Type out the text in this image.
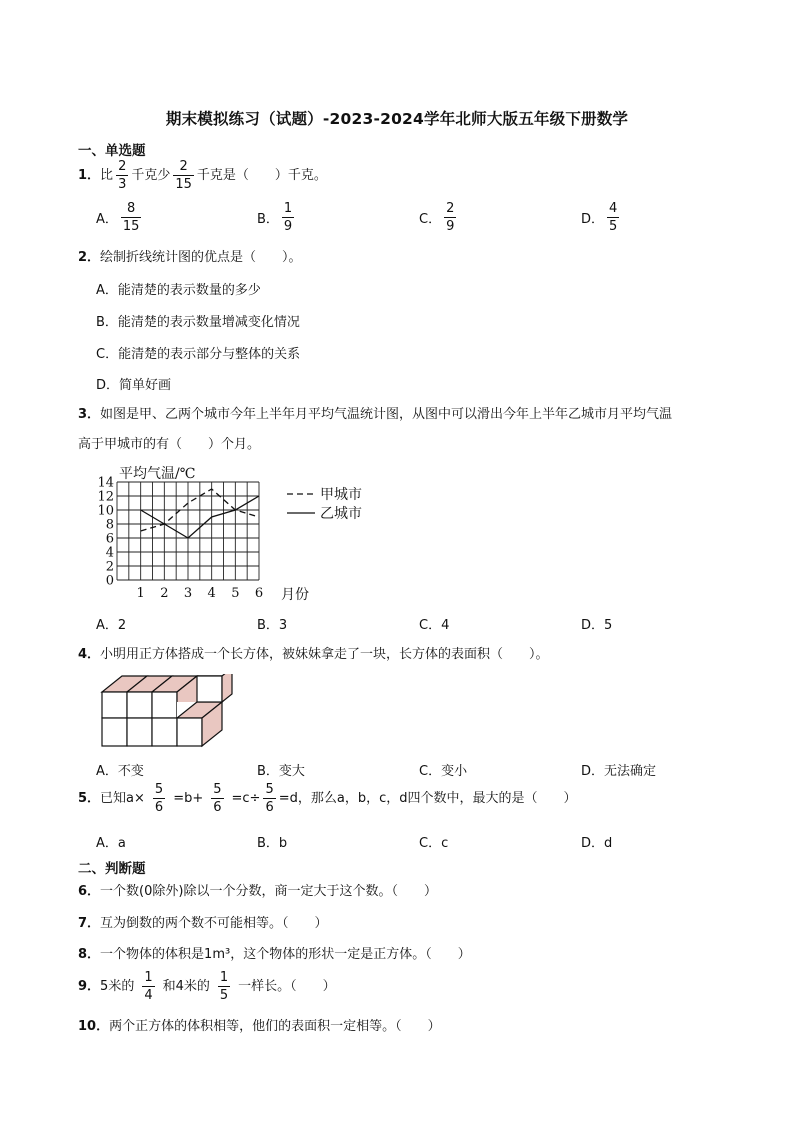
期末模拟练习（试题）-2023-2024学年北师大版五年级下册数学
一、单选题
1． 比 $\frac{2}{3}$ 千克少 $\frac{2}{15}$ 千克是（　　）千克。
A． $\frac{8}{15}$	B． $\frac{1}{9}$	C． $\frac{2}{9}$	D． $\frac{4}{5}$
2．绘制折线统计图的优点是（　　）。
A．能清楚的表示数量的多少
B．能清楚的表示数量增减变化情况
C．能清楚的表示部分与整体的关系
D．简单好画
3．如图是甲、乙两个城市今年上半年月平均气温统计图，从图中可以滑出今年上半年乙城市月平均气温
高于甲城市的有（　　）个月。
0
2
4
6
8
10
12
14
1 2 3 4 5 6
平均气温/℃
月份
甲城市
乙城市
A．2	B．3	C．4	D．5
4．小明用正方体搭成一个长方体，被妹妹拿走了一块，长方体的表面积（　　）。
A．不变	B．变大	C．变小	D．无法确定
5． 已知$a\times \frac{5}{6} =b+ \frac{5}{6} =c\div \frac{5}{6} =d$，那么a，b，c，d四个数中，最大的是（　　）
A．a	B．b	C．c	D．d
二、判断题
6．一个数(0除外)除以一个分数，商一定大于这个数。（　　）
7．互为倒数的两个数不可能相等。（　　）
8．一个物体的体积是1m³，这个物体的形状一定是正方体。（　　）
9． 5米的 $\frac{1}{4}$ 和4米的 $\frac{1}{5}$ 一样长。（　　）
10．两个正方体的体积相等，他们的表面积一定相等。（　　）
